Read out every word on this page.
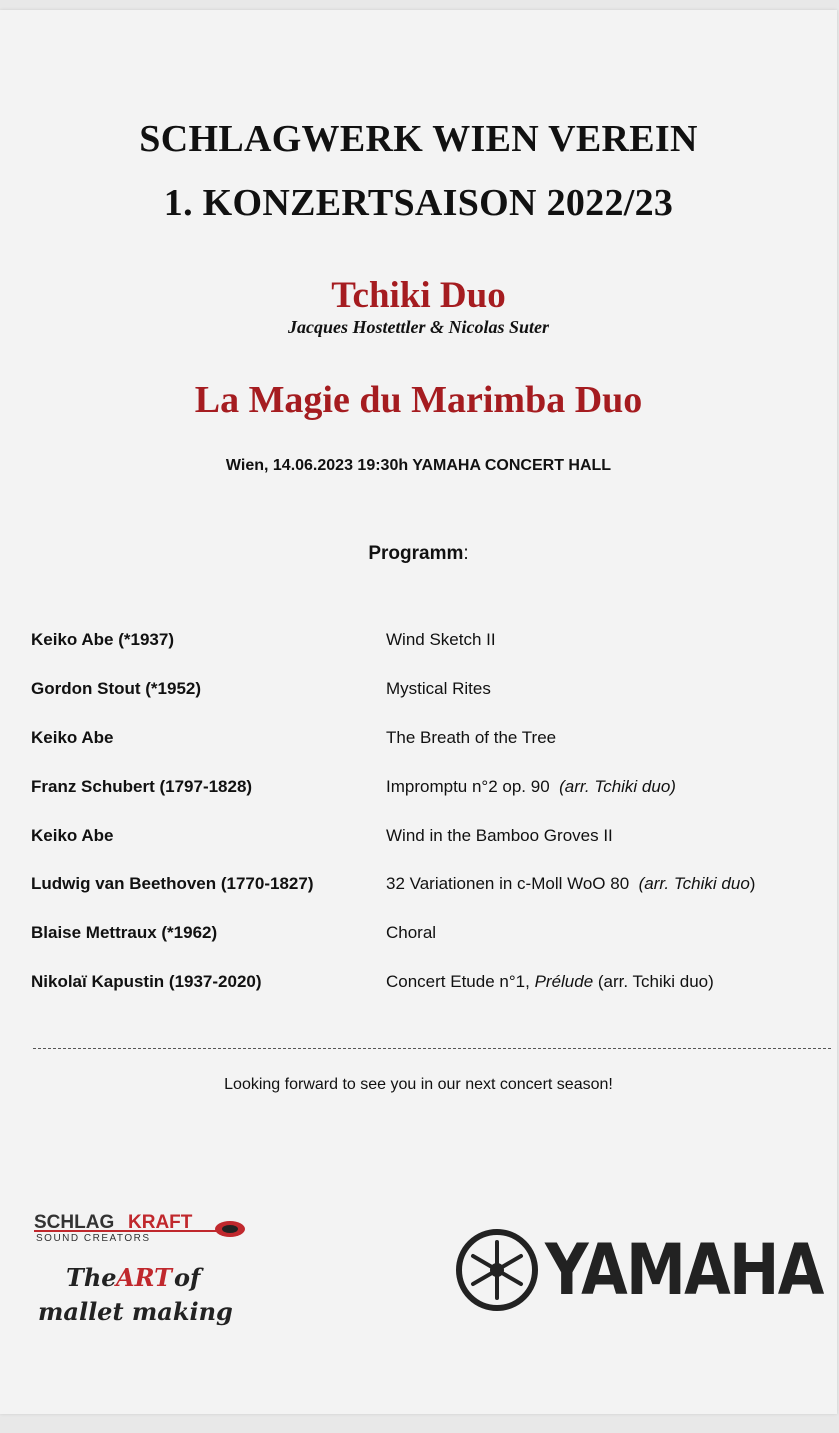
SCHLAGWERK WIEN VEREIN
1. KONZERTSAISON 2022/23
Tchiki Duo
Jacques Hostettler & Nicolas Suter
La Magie du Marimba Duo
Wien, 14.06.2023 19:30h YAMAHA CONCERT HALL
Programm:
Keiko Abe (*1937)	Wind Sketch II
Gordon Stout (*1952)	Mystical Rites
Keiko Abe	The Breath of the Tree
Franz Schubert (1797-1828)	Impromptu n°2 op. 90  (arr. Tchiki duo)
Keiko Abe	Wind in the Bamboo Groves II
Ludwig van Beethoven (1770-1827)	32 Variationen in c-Moll WoO 80  (arr. Tchiki duo)
Blaise Mettraux (*1962)	Choral
Nikolaï Kapustin (1937-2020)	Concert Etude n°1, Prélude (arr. Tchiki duo)
Looking forward to see you in our next concert season!
SCHLAG KRAFT
SOUND CREATORS
The ART of
mallet making
YAMAHA
